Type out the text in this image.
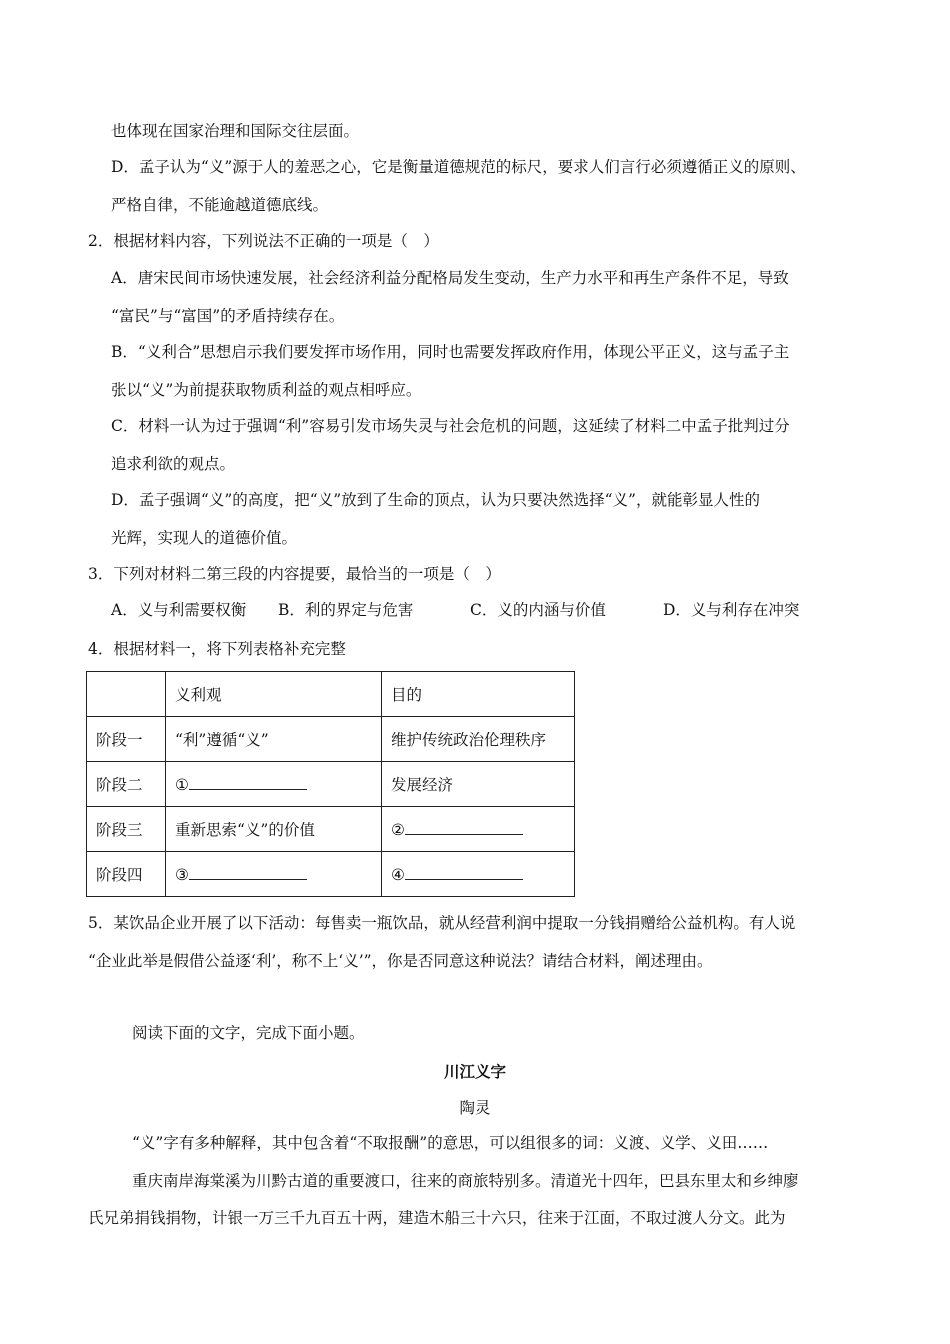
也体现在国家治理和国际交往层面。
D．孟子认为“义”源于人的羞恶之心，它是衡量道德规范的标尺，要求人们言行必须遵循正义的原则、
严格自律，不能逾越道德底线。
2．根据材料内容，下列说法不正确的一项是（　）
A．唐宋民间市场快速发展，社会经济利益分配格局发生变动，生产力水平和再生产条件不足，导致
“富民”与“富国”的矛盾持续存在。
B．“义利合”思想启示我们要发挥市场作用，同时也需要发挥政府作用，体现公平正义，这与孟子主
张以“义”为前提获取物质利益的观点相呼应。
C．材料一认为过于强调“利”容易引发市场失灵与社会危机的问题，这延续了材料二中孟子批判过分
追求利欲的观点。
D．孟子强调“义”的高度，把“义”放到了生命的顶点，认为只要决然选择“义”，就能彰显人性的
光辉，实现人的道德价值。
3．下列对材料二第三段的内容提要，最恰当的一项是（　）
A．义与利需要权衡 B．利的界定与危害	C．义的内涵与价值	D．义与利存在冲突
4．根据材料一，将下列表格补充完整
	义利观	目的
阶段一	“利”遵循“义”	维护传统政治伦理秩序
阶段二	①	发展经济
阶段三	重新思索“义”的价值	②
阶段四	③	④
5．某饮品企业开展了以下活动：每售卖一瓶饮品，就从经营利润中提取一分钱捐赠给公益机构。有人说
“企业此举是假借公益逐‘利’，称不上‘义’”，你是否同意这种说法？请结合材料，阐述理由。
阅读下面的文字，完成下面小题。
川江义字
陶灵
“义”字有多种解释，其中包含着“不取报酬”的意思，可以组很多的词：义渡、义学、义田……
重庆南岸海棠溪为川黔古道的重要渡口，往来的商旅特别多。清道光十四年，巴县东里太和乡绅廖
氏兄弟捐钱捐物，计银一万三千九百五十两，建造木船三十六只，往来于江面，不取过渡人分文。此为
